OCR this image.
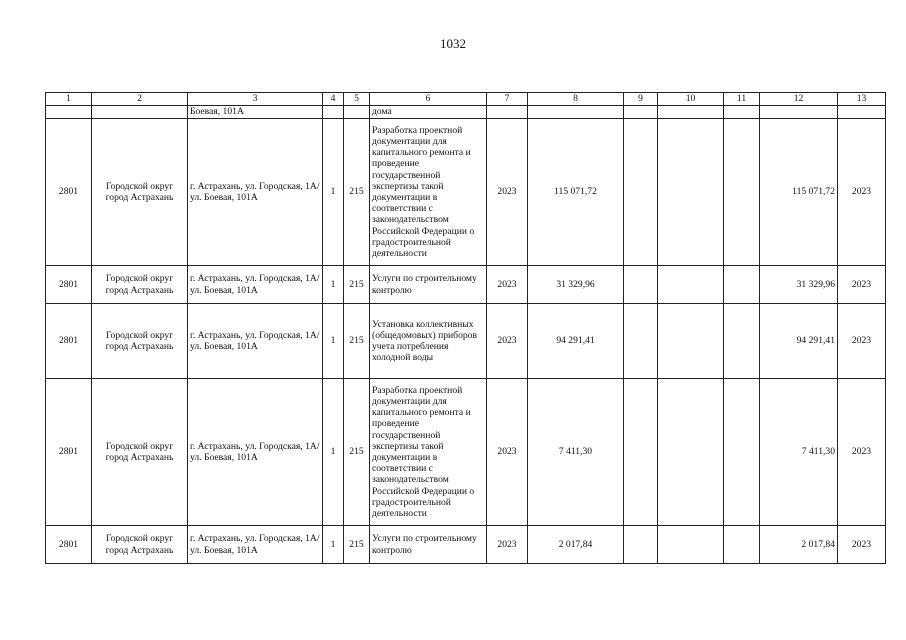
1032
1	2	3	4	5	6	7	8	9	10	11	12	13
		Боевая, 101А			дома							
2801	Городской округ город Астрахань	г. Астрахань, ул. Городская, 1А/ ул. Боевая, 101А	1	215	Разработка проектной документации для капитального ремонта и проведение государственной экспертизы такой документации в соответствии с законодательством Российской Федерации о градостроительной деятельности	2023	115 071,72				115 071,72	2023
2801	Городской округ город Астрахань	г. Астрахань, ул. Городская, 1А/ ул. Боевая, 101А	1	215	Услуги по строительному контролю	2023	31 329,96				31 329,96	2023
2801	Городской округ город Астрахань	г. Астрахань, ул. Городская, 1А/ ул. Боевая, 101А	1	215	Установка коллективных (общедомовых) приборов учета потребления холодной воды	2023	94 291,41				94 291,41	2023
2801	Городской округ город Астрахань	г. Астрахань, ул. Городская, 1А/ ул. Боевая, 101А	1	215	Разработка проектной документации для капитального ремонта и проведение государственной экспертизы такой документации в соответствии с законодательством Российской Федерации о градостроительной деятельности	2023	7 411,30				7 411,30	2023
2801	Городской округ город Астрахань	г. Астрахань, ул. Городская, 1А/ ул. Боевая, 101А	1	215	Услуги по строительному контролю	2023	2 017,84				2 017,84	2023
